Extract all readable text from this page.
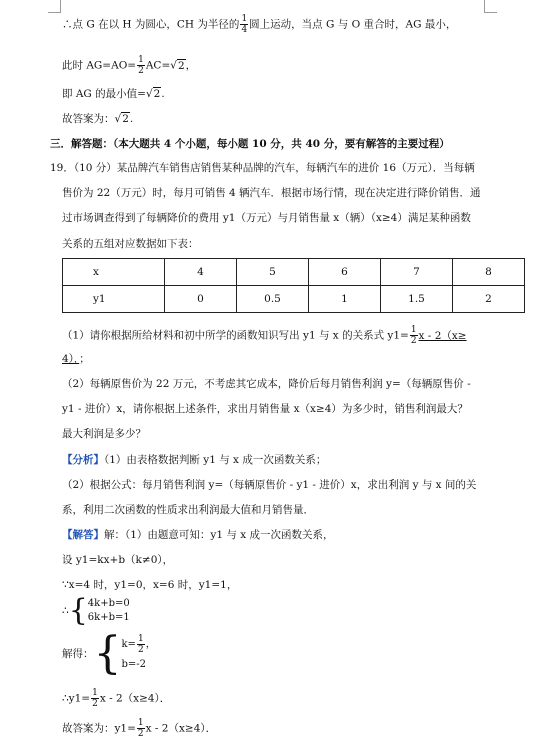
∴点 G 在以 H 为圆心，CH 为半径的 $\frac{1}{4}$ 圆上运动，当点 G 与 O 重合时，AG 最小，
此时 $AG=AO= \frac{1}{2} AC=√2$，
即 AG 的最小值=√2.
故答案为：√2.
三．解答题：（本大题共 4 个小题，每小题 10 分，共 40 分，要有解答的主要过程）
19．（10 分）某品牌汽车销售店销售某种品牌的汽车，每辆汽车的进价 16（万元）．当每辆
售价为 22（万元）时，每月可销售 4 辆汽车．根据市场行情，现在决定进行降价销售．通
过市场调查得到了每辆降价的费用 y1（万元）与月销售量 x（辆）（x≥4）满足某种函数
关系的五组对应数据如下表：
x	4	5	6	7	8
y1	0	0.5	1	1.5	2
（1）请你根据所给材料和初中所学的函数知识写出 y1 与 x 的关系式 $y1= \frac{1}{2}$ x - 2（x≥
4）．；
（2）每辆原售价为 22 万元，不考虑其它成本，降价后每月销售利润 y=（每辆原售价 -
y1 - 进价）x，请你根据上述条件，求出月销售量 x（x≥4）为多少时，销售利润最大？
最大利润是多少？
【分析】（1）由表格数据判断 y1 与 x 成一次函数关系；
（2）根据公式：每月销售利润 y=（每辆原售价 - y1 - 进价）x，求出利润 y 与 x 间的关
系，利用二次函数的性质求出利润最大值和月销售量．
【解答】解：（1）由题意可知：y1 与 x 成一次函数关系，
设 y1=kx+b（k≠0），
∵x=4 时，y1=0，x=6 时，y1=1，
∴{ 4k+b=0
6k+b=1
解得：{ $k= \frac{1}{2}$ ，
b=-2
∴y1= $\frac{1}{2}$ x - 2（x≥4）．
故答案为：$y1= \frac{1}{2}$ x - 2（x≥4）．
